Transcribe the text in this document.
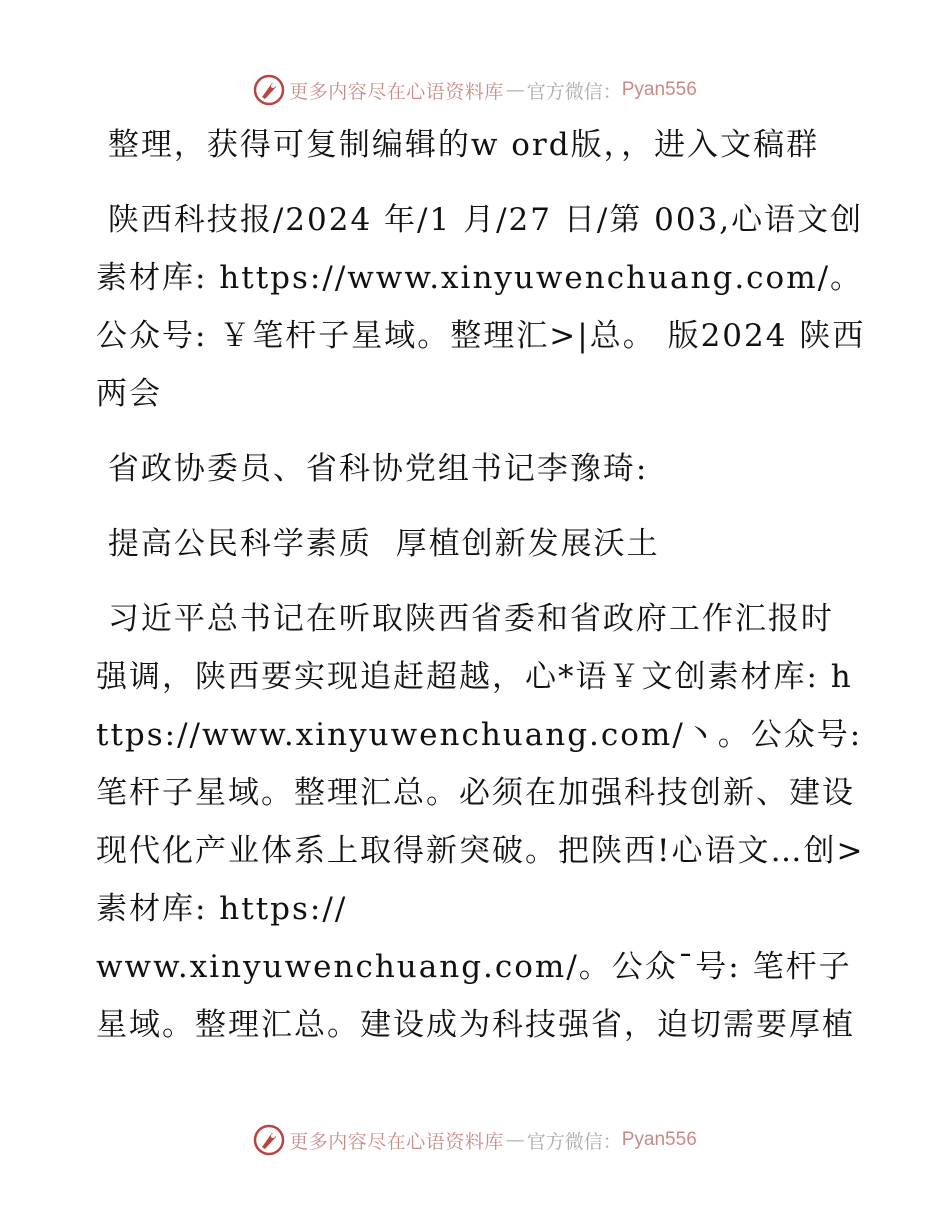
更多内容尽在心语资料库 — 官方微信： Pyan556

整理，获得可复制编辑的w ord版，，进入文稿群

陕西科技报/2024 年/1 月/27 日/第 003,心语文创素材库: https://www.xinyuwenchuang.com/。公众号: ￥笔杆子星域。整理汇>|总。 版2024 陕西两会

省政协委员、省科协党组书记李豫琦:

提高公民科学素质  厚植创新发展沃土

习近平总书记在听取陕西省委和省政府工作汇报时强调，陕西要实现追赶超越，心*语￥文创素材库: https://www.xinyuwenchuang.com/丶。公众号: 笔杆子星域。整理汇总。必须在加强科技创新、建设现代化产业体系上取得新突破。把陕西!心语文…创>素材库: https://
www.xinyuwenchuang.com/。公众¯号: 笔杆子星域。整理汇总。建设成为科技强省，迫切需要厚植

更多内容尽在心语资料库 — 官方微信： Pyan556
